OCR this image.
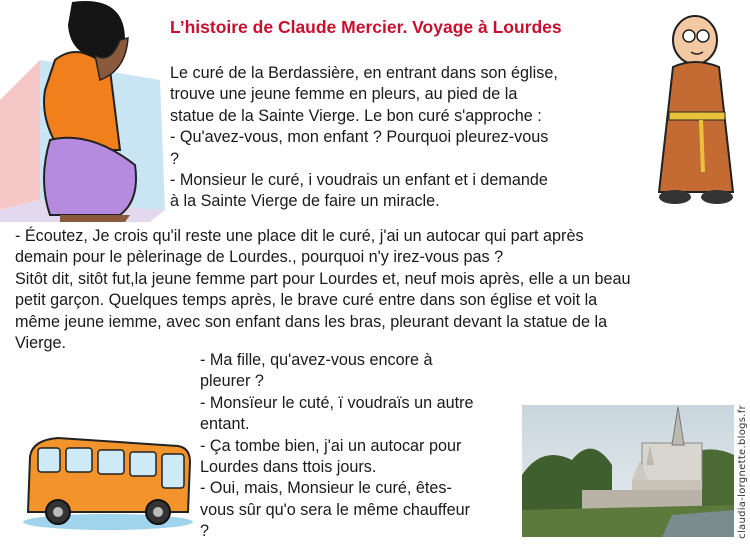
L’histoire de Claude Mercier. Voyage à Lourdes
Le curé de la Berdassière, en entrant dans son église,
trouve une jeune femme en pleurs, au pied de la
statue de la Sainte Vierge. Le bon curé s'approche :
- Qu'avez-vous, mon enfant ? Pourquoi pleurez-vous
?
- Monsieur le curé, i voudrais un enfant et i demande
à la Sainte Vierge de faire un miracle.
- Écoutez, Je crois qu'il reste une place dit le curé, j'ai un autocar qui part après
demain pour le pèlerinage de Lourdes., pourquoi n'y irez-vous pas ?
Sitôt dit, sitôt fut,la jeune femme part pour Lourdes et, neuf mois après, elle a un beau
petit garçon. Quelques temps après, le brave curé entre dans son église et voit la
même jeune iemme, avec son enfant dans les bras, pleurant devant la statue de la
Vierge.
- Ma fille, qu'avez-vous encore à
pleurer ?
- Monsïeur le cuté, ï voudraïs un autre
entant.
- Ça tombe bien, j'ai un autocar pour
Lourdes dans ttois jours.
- Oui, mais, Monsieur le curé, êtes-
vous sûr qu'o sera le même chauffeur
?	claudia-lorgnette.blogs.fr
